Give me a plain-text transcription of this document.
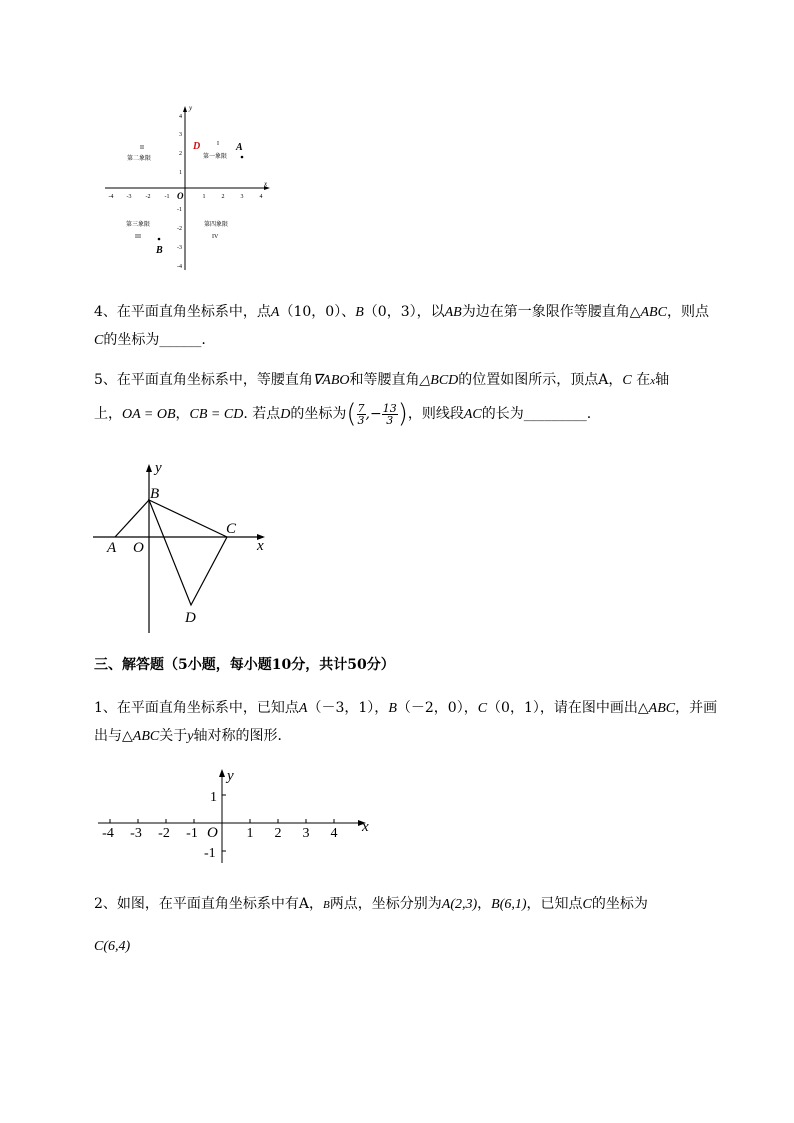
-4 -3 -2 -1	1	2	3	4
4
3
2
1
-1
-2
-3
-4
y
x
O
I
第一象限
II
第二象限
第三象限
III
第四象限
IV
D	A
B
4、在平面直角坐标系中，点A（10，0）、B（0，3），以AB为边在第一象限作等腰直角△ABC，则点
C的坐标为______.
5、在平面直角坐标系中，等腰直角∇ABO和等腰直角△BCD的位置如图所示，顶点A，C 在x轴
上，OA = OB，CB = CD. 若点D的坐标为( $\frac{7}{3}$ ,− $\frac{13}{3}$ )，则线段AC的长为_________.
y
B
C
A O	x
D
三、解答题（5小题，每小题10分，共计50分）
1、在平面直角坐标系中，已知点A（－3，1），B（－2，0），C（0，1），请在图中画出△ABC，并画
出与△ABC关于y轴对称的图形．
-4 -3 -2 -1	1 2 3 4
O	x
y
1
-1
2、如图，在平面直角坐标系中有A，B两点，坐标分别为A(2,3)，B(6,1)，已知点C的坐标为
C(6,4)
